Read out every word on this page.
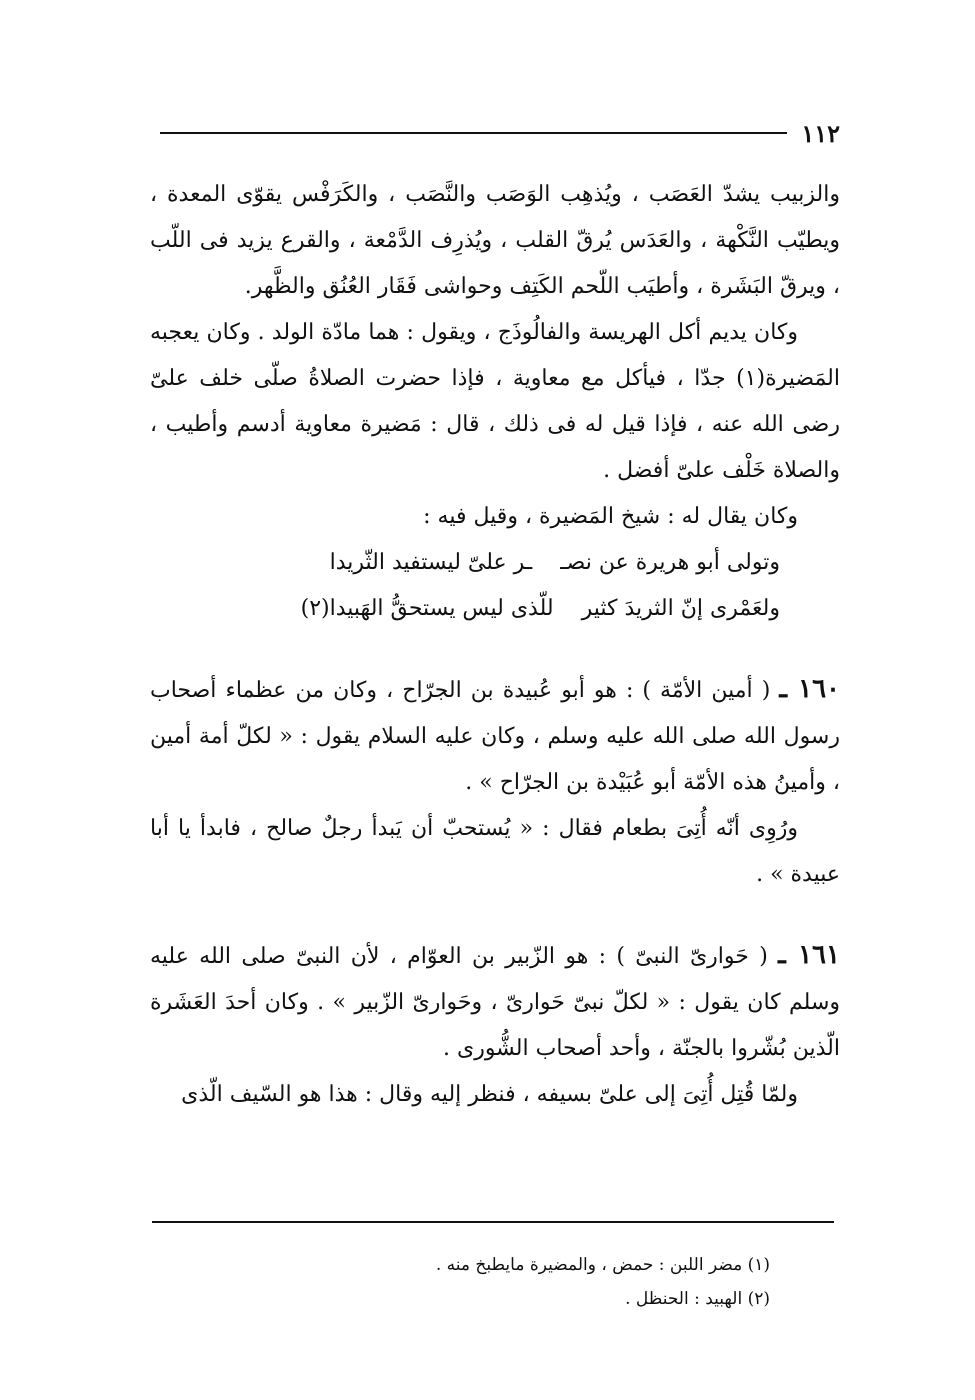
١١٢

والزبيب يشدّ العَصَب ، ويُذهِب الوَصَب والنَّصَب ، والكَرَفْس يقوّى المعدة ، ويطيّب النَّكْهة ، والعَدَس يُرقّ القلب ، ويُذرِف الدَّمْعة ، والقرع يزيد فى اللّب ، ويرقّ البَشَرة ، وأطيَب اللّحم الكَتِف وحواشى فَقَار العُنُق والظَّهر.

وكان يديم أكل الهريسة والفالُوذَج ، ويقول : هما مادّة الولد . وكان يعجبه المَضيرة(١) جدّا ، فيأكل مع معاوية ، فإذا حضرت الصلاةُ صلّى خلف علىّ رضى الله عنه ، فإذا قيل له فى ذلك ، قال : مَضيرة معاوية أدسم وأطيب ، والصلاة خَلْف علىّ أفضل .

وكان يقال له : شيخ المَضيرة ، وقيل فيه :

وتولى أبو هريرة عن نصـ
ـر علىّ ليستفيد الثّريدا
ولعَمْرى إنّ الثريدَ كثير
للّذى ليس يستحقُّ الهَبيدا(٢)

١٦٠ ـ ( أمين الأمّة ) : هو أبو عُبيدة بن الجرّاح ، وكان من عظماء أصحاب رسول الله صلى الله عليه وسلم ، وكان عليه السلام يقول : « لكلّ أمة أمين ، وأمينُ هذه الأمّة أبو عُبَيْدة بن الجرّاح » .

ورُوِى أنّه أُتِىَ بطعام فقال : « يُستحبّ أن يَبدأ رجلٌ صالح ، فابدأ يا أبا عبيدة » .

١٦١ ـ ( حَوارىّ النبىّ ) : هو الزّبير بن العوّام ، لأن النبىّ صلى الله عليه وسلم كان يقول : « لكلّ نبىّ حَوارىّ ، وحَوارىّ الزّبير » . وكان أحدَ العَشَرة الّذين بُشّروا بالجنّة ، وأحد أصحاب الشُّورى .

ولمّا قُتِل أُتِىَ إلى علىّ بسيفه ، فنظر إليه وقال : هذا هو السّيف الّذى

(١) مضر اللبن : حمض ، والمضيرة مايطبخ منه .

(٢) الهبيد : الحنظل .
